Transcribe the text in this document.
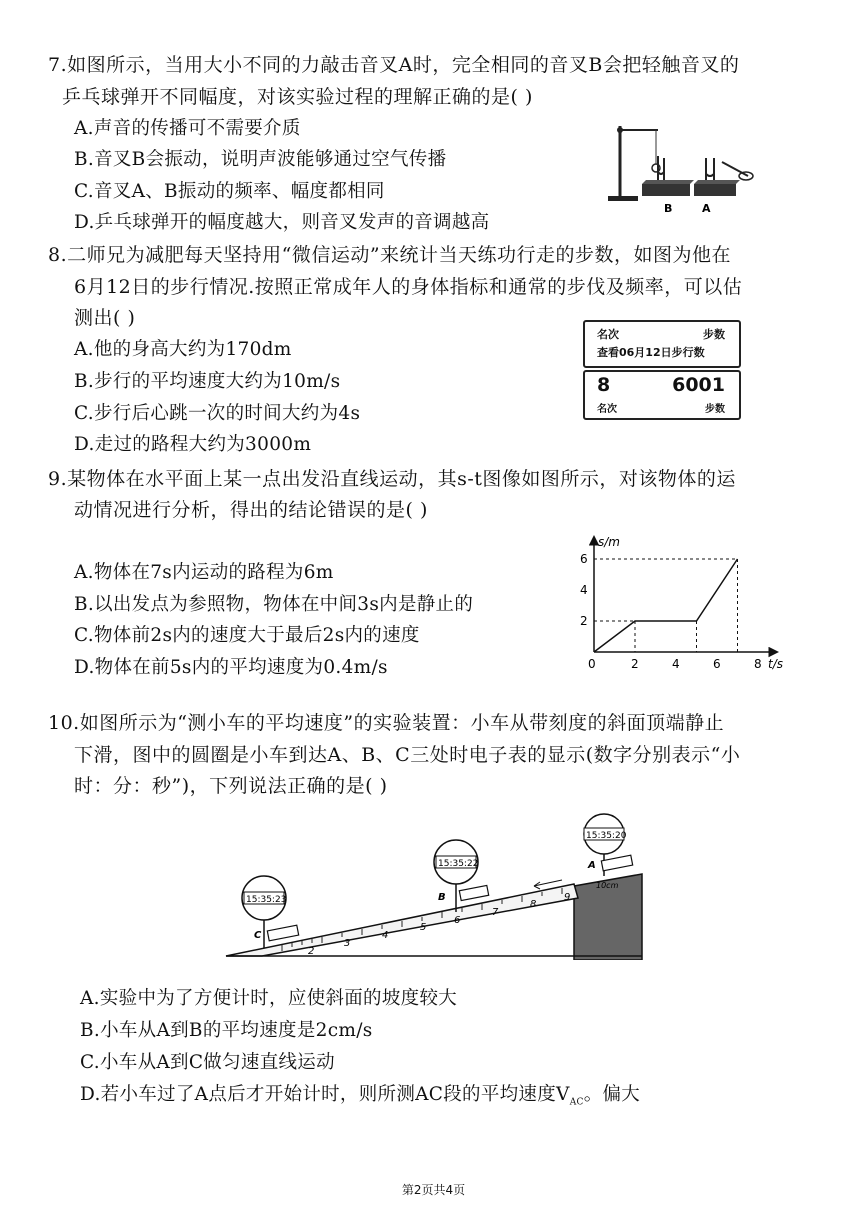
7.如图所示，当用大小不同的力敲击音叉A时，完全相同的音叉B会把轻触音叉的
乒乓球弹开不同幅度，对该实验过程的理解正确的是( )
A.声音的传播可不需要介质
B.音叉B会振动，说明声波能够通过空气传播
C.音叉A、B振动的频率、幅度都相同
D.乒乓球弹开的幅度越大，则音叉发声的音调越高
B	A
8.二师兄为减肥每天坚持用“微信运动”来统计当天练功行走的步数，如图为他在
6月12日的步行情况.按照正常成年人的身体指标和通常的步伐及频率，可以估
测出( )
A.他的身高大约为170dm
B.步行的平均速度大约为10m/s
C.步行后心跳一次的时间大约为4s
D.走过的路程大约为3000m
名次	步数
查看06月12日步行数
8	6001
名次	步数
9.某物体在水平面上某一点出发沿直线运动，其s-t图像如图所示，对该物体的运
动情况进行分析，得出的结论错误的是( )
A.物体在7s内运动的路程为6m
B.以出发点为参照物，物体在中间3s内是静止的
C.物体前2s内的速度大于最后2s内的速度
D.物体在前5s内的平均速度为0.4m/s
2
4
6
2	4	6	8
s/m
t/s
0
10.如图所示为“测小车的平均速度”的实验装置：小车从带刻度的斜面顶端静止
下滑，图中的圆圈是小车到达A、B、C三处时电子表的显示(数字分别表示“小
时：分：秒”)，下列说法正确的是( )
2
3
4
5
6
7
8
9
10cm
15:35:23
C
15:35:22
B
15:35:20
A
A.实验中为了方便计时，应使斜面的坡度较大
B.小车从A到B的平均速度是2cm/s
C.小车从A到C做匀速直线运动
D.若小车过了A点后才开始计时，则所测AC段的平均速度$V_{AC}$。偏大
第2页共4页
